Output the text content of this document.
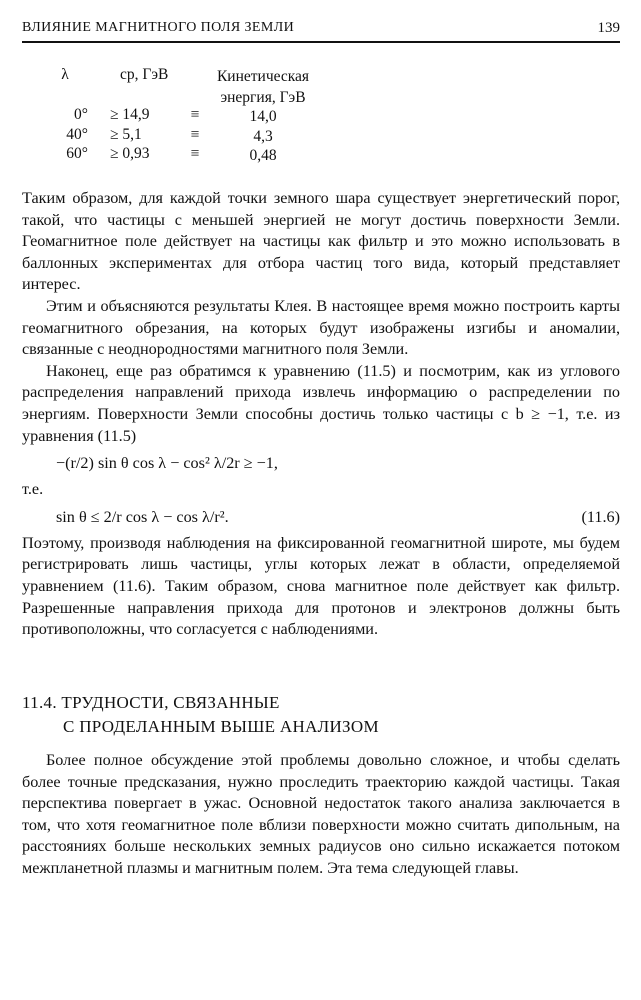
ВЛИЯНИЕ МАГНИТНОГО ПОЛЯ ЗЕМЛИ	139
λ	cp, ГэВ	Кинетическая
энергия, ГэВ
0° ≥ 14,9	≡	14,0
40° ≥ 5,1	≡	4,3
60° ≥ 0,93	≡	0,48

Таким образом, для каждой точки земного шара существует энергетический порог, такой, что частицы с меньшей энергией не могут достичь поверхности Земли. Геомагнитное поле действует на частицы как фильтр и это можно использовать в баллонных экспериментах для отбора частиц того вида, который представляет интерес.

Этим и объясняются результаты Клея. В настоящее время можно построить карты геомагнитного обрезания, на которых будут изображены изгибы и аномалии, связанные с неоднородностями магнитного поля Земли.

Наконец, еще раз обратимся к уравнению (11.5) и посмотрим, как из углового распределения направлений прихода извлечь информацию о распределении по энергиям. Поверхности Земли способны достичь только частицы с b ≥ −1, т.е. из уравнения (11.5)

−(r/2) sin θ cos λ − cos² λ/2r ≥ −1,

т.е.

sin θ ≤ 2/r cos λ − cos λ/r².	(11.6)

Поэтому, производя наблюдения на фиксированной геомагнитной широте, мы будем регистрировать лишь частицы, углы которых лежат в области, определяемой уравнением (11.6). Таким образом, снова магнитное поле действует как фильтр. Разрешенные направления прихода для протонов и электронов должны быть противоположны, что согласуется с наблюдениями.

11.4. ТРУДНОСТИ, СВЯЗАННЫЕ
С ПРОДЕЛАННЫМ ВЫШЕ АНАЛИЗОМ

Более полное обсуждение этой проблемы довольно сложное, и чтобы сделать более точные предсказания, нужно проследить траекторию каждой частицы. Такая перспектива повергает в ужас. Основной недостаток такого анализа заключается в том, что хотя геомагнитное поле вблизи поверхности можно считать дипольным, на расстояниях больше нескольких земных радиусов оно сильно искажается потоком межпланетной плазмы и магнитным полем. Эта тема следующей главы.
